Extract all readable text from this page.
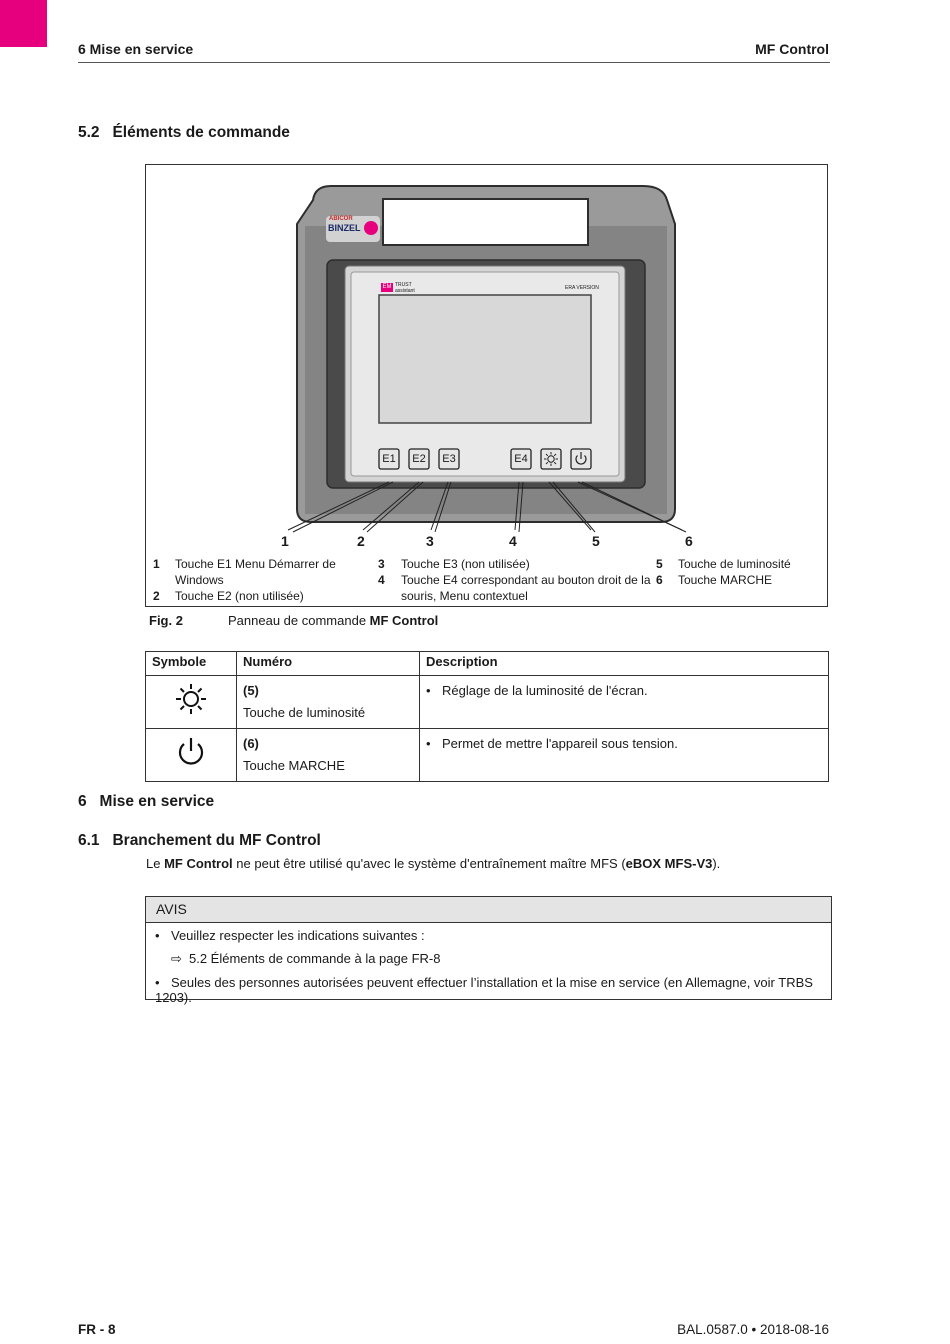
6 Mise en service	MF Control
5.2   Éléments de commande
ABICOR
BINZEL
EM TRUST
assistant	ERA VERSION
E1 E2 E3	E4
1	2	3	4	5	6
1 Touche E1 Menu Démarrer de
Windows
2 Touche E2 (non utilisée)
3 Touche E3 (non utilisée)
4 Touche E4 correspondant au bouton droit de la
souris, Menu contextuel
5 Touche de luminosité
6 Touche MARCHE
Fig. 2	Panneau de commande MF Control
Symbole	Numéro	Description

(5)
Touche de luminosité	• Réglage de la luminosité de l'écran.

(6)
Touche MARCHE	• Permet de mettre l'appareil sous tension.
6   Mise en service
6.1   Branchement du MF Control
Le MF Control ne peut être utilisé qu'avec le système d'entraînement maître MFS (eBOX MFS-V3).
AVIS
• Veuillez respecter les indications suivantes :
⇨ 5.2 Éléments de commande à la page FR-8
• Seules des personnes autorisées peuvent effectuer l’installation et la mise en service (en Allemagne, voir TRBS 1203).
FR - 8	BAL.0587.0 • 2018-08-16
